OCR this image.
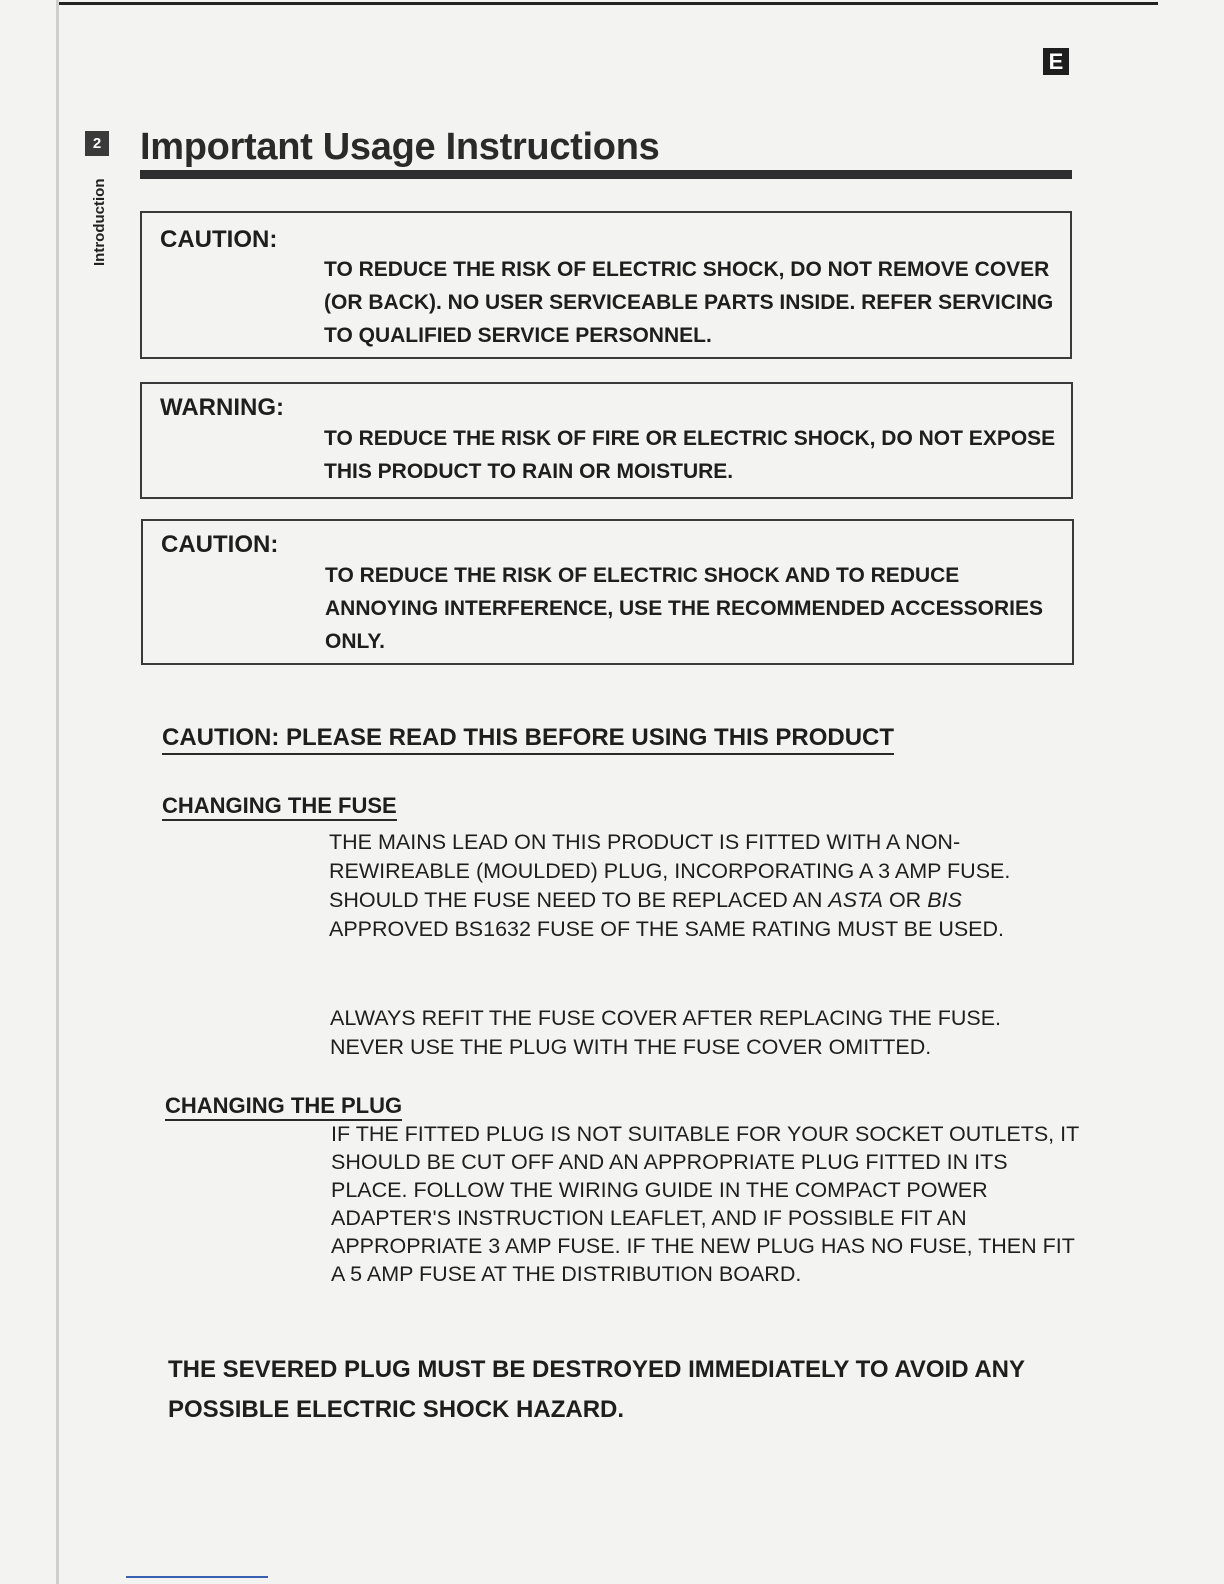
E
2
Introduction
Important Usage Instructions
CAUTION:
TO REDUCE THE RISK OF ELECTRIC SHOCK, DO NOT REMOVE COVER (OR BACK). NO USER SERVICEABLE PARTS INSIDE. REFER SERVICING TO QUALIFIED SERVICE PERSONNEL.
WARNING:
TO REDUCE THE RISK OF FIRE OR ELECTRIC SHOCK, DO NOT EXPOSE THIS PRODUCT TO RAIN OR MOISTURE.
CAUTION:
TO REDUCE THE RISK OF ELECTRIC SHOCK AND TO REDUCE ANNOYING INTERFERENCE, USE THE RECOMMENDED ACCESSORIES ONLY.
CAUTION: PLEASE READ THIS BEFORE USING THIS PRODUCT
CHANGING THE FUSE

THE MAINS LEAD ON THIS PRODUCT IS FITTED WITH A NON-REWIREABLE (MOULDED) PLUG, INCORPORATING A 3 AMP FUSE. SHOULD THE FUSE NEED TO BE REPLACED AN ASTA OR BIS APPROVED BS1632 FUSE OF THE SAME RATING MUST BE USED.

ALWAYS REFIT THE FUSE COVER AFTER REPLACING THE FUSE. NEVER USE THE PLUG WITH THE FUSE COVER OMITTED.

CHANGING THE PLUG

IF THE FITTED PLUG IS NOT SUITABLE FOR YOUR SOCKET OUTLETS, IT SHOULD BE CUT OFF AND AN APPROPRIATE PLUG FITTED IN ITS PLACE. FOLLOW THE WIRING GUIDE IN THE COMPACT POWER ADAPTER'S INSTRUCTION LEAFLET, AND IF POSSIBLE FIT AN APPROPRIATE 3 AMP FUSE. IF THE NEW PLUG HAS NO FUSE, THEN FIT A 5 AMP FUSE AT THE DISTRIBUTION BOARD.

THE SEVERED PLUG MUST BE DESTROYED IMMEDIATELY TO AVOID ANY POSSIBLE ELECTRIC SHOCK HAZARD.
